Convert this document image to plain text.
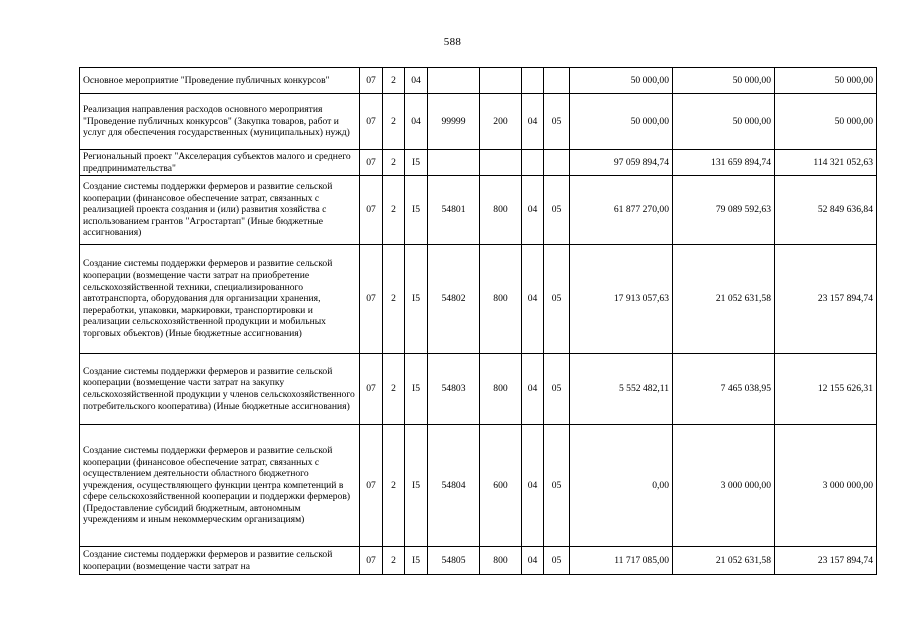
588
Основное мероприятие "Проведение публичных конкурсов"	07	2	04					50 000,00	50 000,00	50 000,00

Реализация направления расходов основного мероприятия "Проведение публичных конкурсов" (Закупка товаров, работ и услуг для обеспечения государственных (муниципальных) нужд)	07	2	04	99999	200	04	05	50 000,00	50 000,00	50 000,00

Региональный проект "Акселерация субъектов малого и среднего предпринимательства"	07	2	I5					97 059 894,74	131 659 894,74	114 321 052,63

Создание системы поддержки фермеров и развитие сельской кооперации (финансовое обеспечение затрат, связанных с реализацией проекта создания и (или) развития хозяйства с использованием грантов "Агростартап" (Иные бюджетные ассигнования)	07	2	I5	54801	800	04	05	61 877 270,00	79 089 592,63	52 849 636,84

Создание системы поддержки фермеров и развитие сельской кооперации (возмещение части затрат на приобретение сельскохозяйственной техники, специализированного автотранспорта, оборудования для организации хранения, переработки, упаковки, маркировки, транспортировки и реализации сельскохозяйственной продукции и мобильных торговых объектов) (Иные бюджетные ассигнования)	07	2	I5	54802	800	04	05	17 913 057,63	21 052 631,58	23 157 894,74

Создание системы поддержки фермеров и развитие сельской кооперации (возмещение части затрат на закупку сельскохозяйственной продукции у членов сельскохозяйственного потребительского кооператива) (Иные бюджетные ассигнования)	07	2	I5	54803	800	04	05	5 552 482,11	7 465 038,95	12 155 626,31

Создание системы поддержки фермеров и развитие сельской кооперации (финансовое обеспечение затрат, связанных с осуществлением деятельности областного бюджетного учреждения, осуществляющего функции центра компетенций в сфере сельскохозяйственной кооперации и поддержки фермеров) (Предоставление субсидий бюджетным, автономным учреждениям и иным некоммерческим организациям)	07	2	I5	54804	600	04	05	0,00	3 000 000,00	3 000 000,00

Создание системы поддержки фермеров и развитие сельской кооперации (возмещение части затрат на	07	2	I5	54805	800	04	05	11 717 085,00	21 052 631,58	23 157 894,74
